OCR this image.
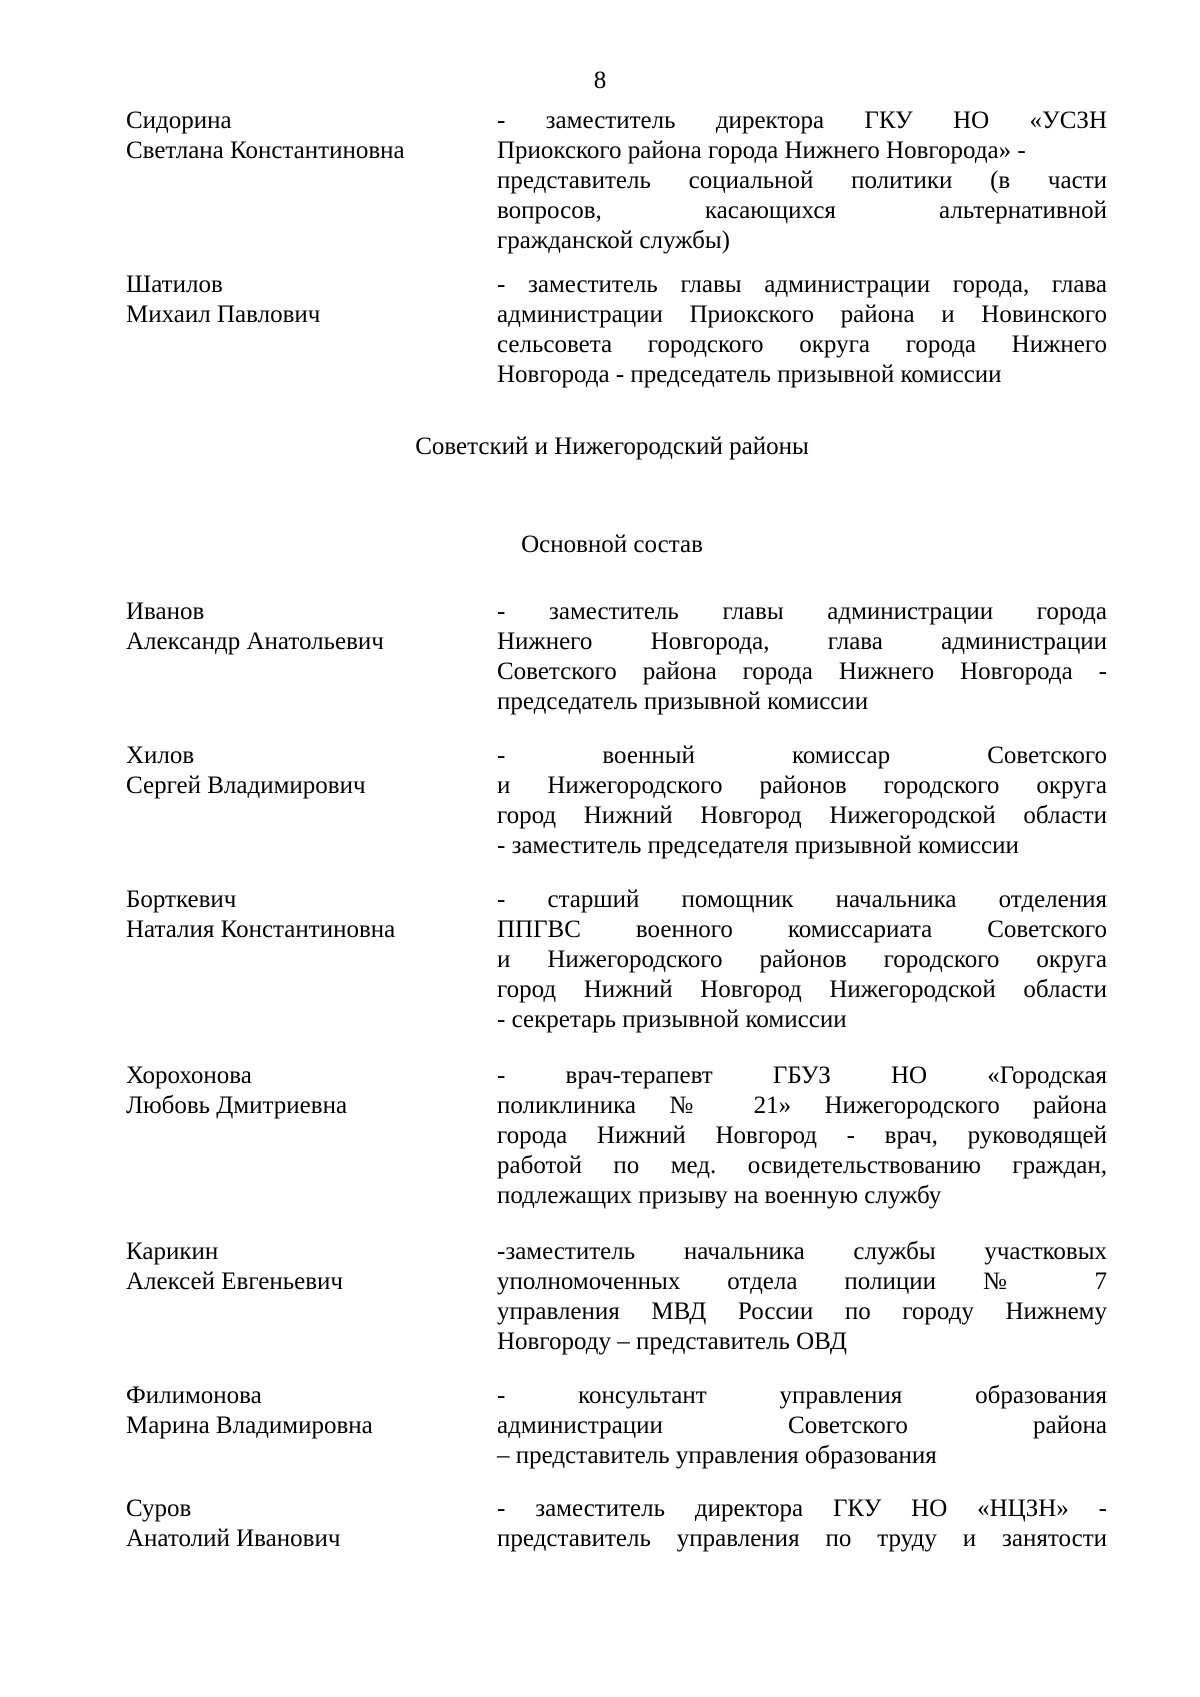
8
Сидорина
Светлана Константиновна
- заместитель директора ГКУ НО «УСЗН
Приокского района города Нижнего Новгорода» -
представитель социальной политики (в части
вопросов, касающихся альтернативной
гражданской службы)
Шатилов
Михаил Павлович
- заместитель главы администрации города, глава
администрации Приокского района и Новинского
сельсовета городского округа города Нижнего
Новгорода - председатель призывной комиссии
Советский и Нижегородский районы
Основной состав
Иванов
Александр Анатольевич
- заместитель главы администрации города
Нижнего Новгорода, глава администрации
Советского района города Нижнего Новгорода -
председатель призывной комиссии
Хилов
Сергей Владимирович
- военный комиссар Советского
и Нижегородского районов городского округа
город Нижний Новгород Нижегородской области
- заместитель председателя призывной комиссии
Борткевич
Наталия Константиновна
- старший помощник начальника отделения
ППГВС военного комиссариата Советского
и Нижегородского районов городского округа
город Нижний Новгород Нижегородской области
- секретарь призывной комиссии
Хорохонова
Любовь Дмитриевна
- врач-терапевт ГБУЗ НО «Городская
поликлиника № 21» Нижегородского района
города Нижний Новгород - врач, руководящей
работой по мед. освидетельствованию граждан,
подлежащих призыву на военную службу
Карикин
Алексей Евгеньевич
-заместитель начальника службы участковых
уполномоченных отдела полиции № 7
управления МВД России по городу Нижнему
Новгороду – представитель ОВД
Филимонова
Марина Владимировна
- консультант управления образования
администрации Советского района
– представитель управления образования
Суров
Анатолий Иванович
- заместитель директора ГКУ НО «НЦЗН» -
представитель управления по труду и занятости
